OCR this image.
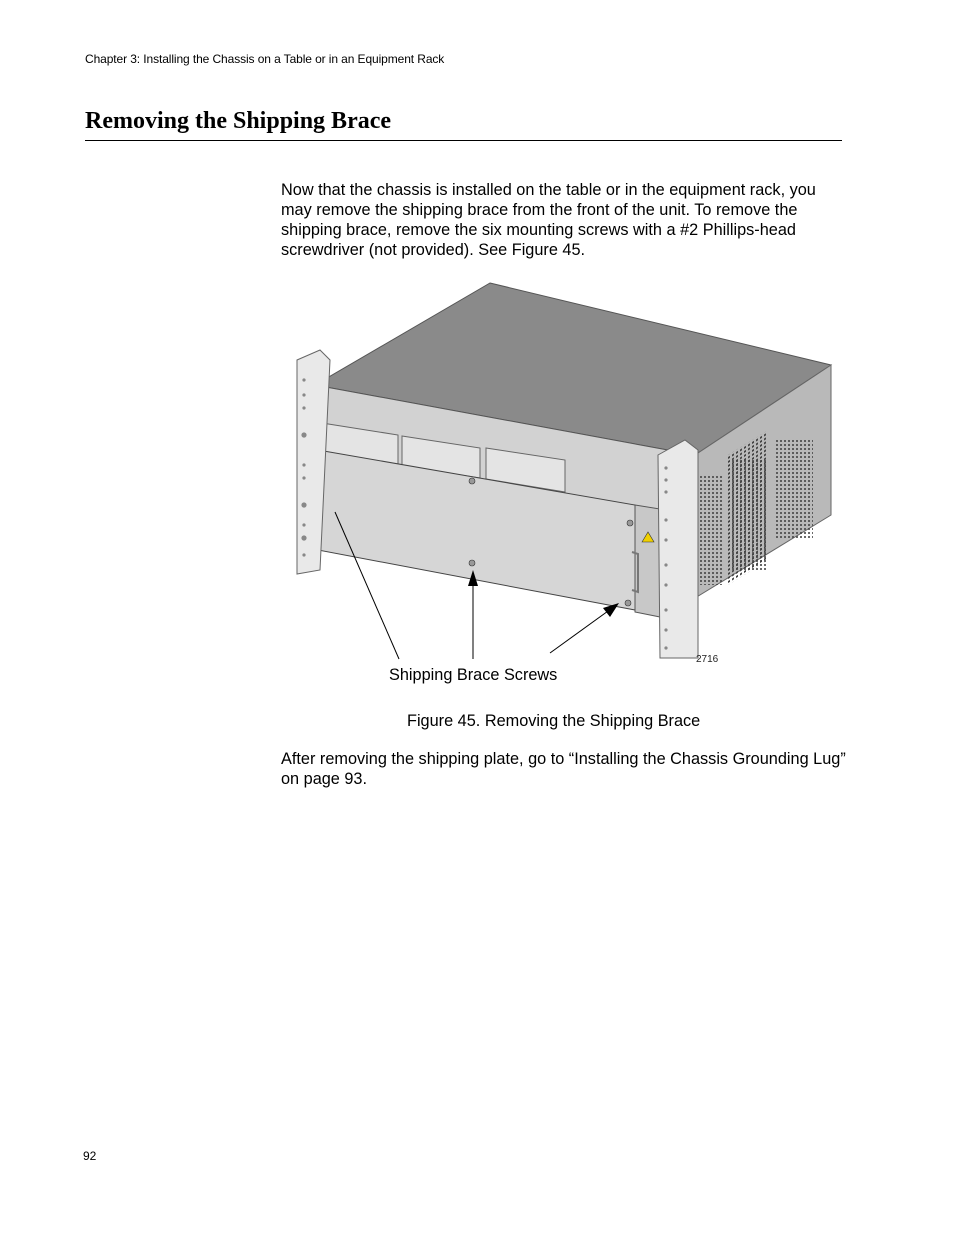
Chapter 3: Installing the Chassis on a Table or in an Equipment Rack
Removing the Shipping Brace

Now that the chassis is installed on the table or in the equipment rack, you may remove the shipping brace from the front of the unit. To remove the shipping brace, remove the six mounting screws with a #2 Phillips-head screwdriver (not provided). See Figure 45.

Shipping Brace Screws
2716
Figure 45. Removing the Shipping Brace

After removing the shipping plate, go to “Installing the Chassis Grounding Lug” on page 93.

92
